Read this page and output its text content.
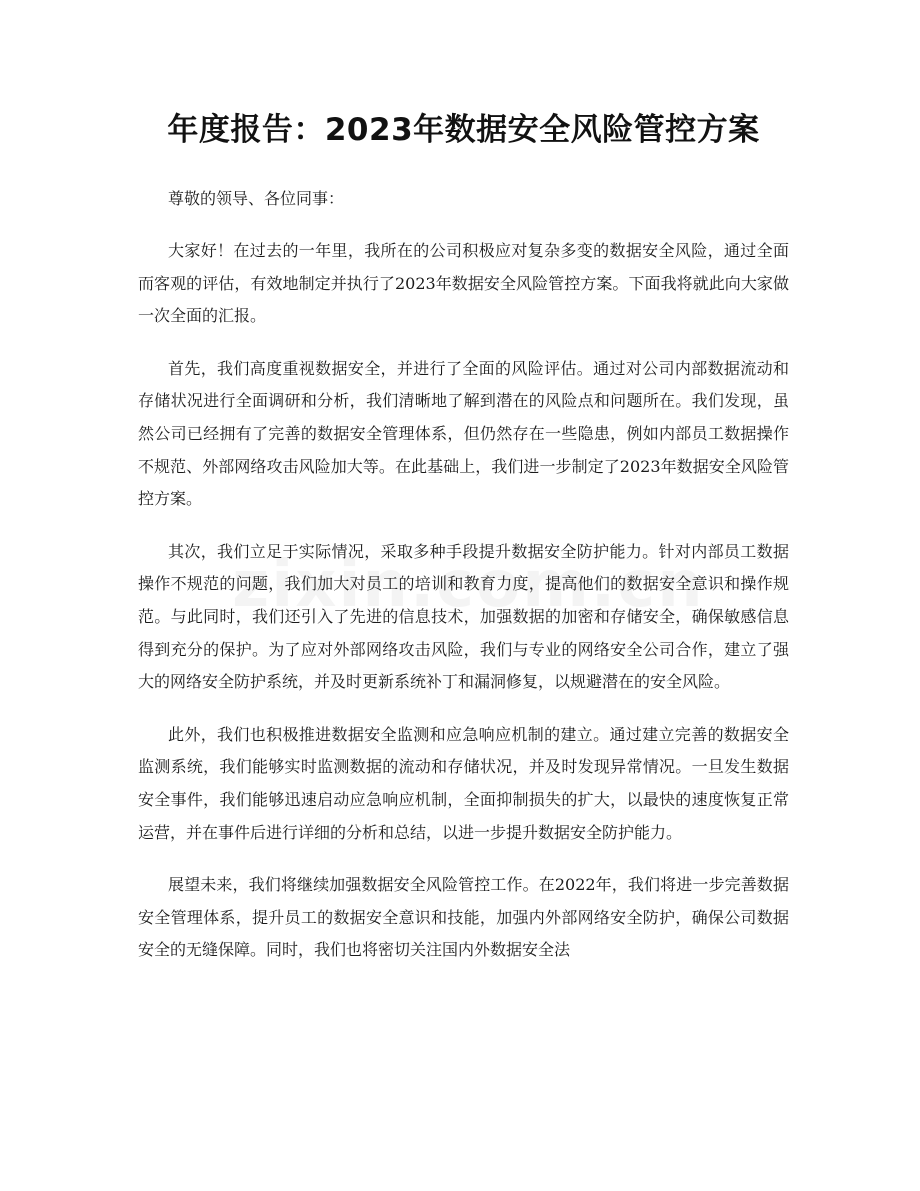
年度报告：2023年数据安全风险管控方案

尊敬的领导、各位同事：

大家好！在过去的一年里，我所在的公司积极应对复杂多变的数据安全风险，通过全面而客观的评估，有效地制定并执行了2023年数据安全风险管控方案。下面我将就此向大家做一次全面的汇报。

首先，我们高度重视数据安全，并进行了全面的风险评估。通过对公司内部数据流动和存储状况进行全面调研和分析，我们清晰地了解到潜在的风险点和问题所在。我们发现，虽然公司已经拥有了完善的数据安全管理体系，但仍然存在一些隐患，例如内部员工数据操作不规范、外部网络攻击风险加大等。在此基础上，我们进一步制定了2023年数据安全风险管控方案。

其次，我们立足于实际情况，采取多种手段提升数据安全防护能力。针对内部员工数据操作不规范的问题，我们加大对员工的培训和教育力度，提高他们的数据安全意识和操作规范。与此同时，我们还引入了先进的信息技术，加强数据的加密和存储安全，确保敏感信息得到充分的保护。为了应对外部网络攻击风险，我们与专业的网络安全公司合作，建立了强大的网络安全防护系统，并及时更新系统补丁和漏洞修复，以规避潜在的安全风险。

此外，我们也积极推进数据安全监测和应急响应机制的建立。通过建立完善的数据安全监测系统，我们能够实时监测数据的流动和存储状况，并及时发现异常情况。一旦发生数据安全事件，我们能够迅速启动应急响应机制，全面抑制损失的扩大，以最快的速度恢复正常运营，并在事件后进行详细的分析和总结，以进一步提升数据安全防护能力。

展望未来，我们将继续加强数据安全风险管控工作。在2022年，我们将进一步完善数据安全管理体系，提升员工的数据安全意识和技能，加强内外部网络安全防护，确保公司数据安全的无缝保障。同时，我们也将密切关注国内外数据安全法
